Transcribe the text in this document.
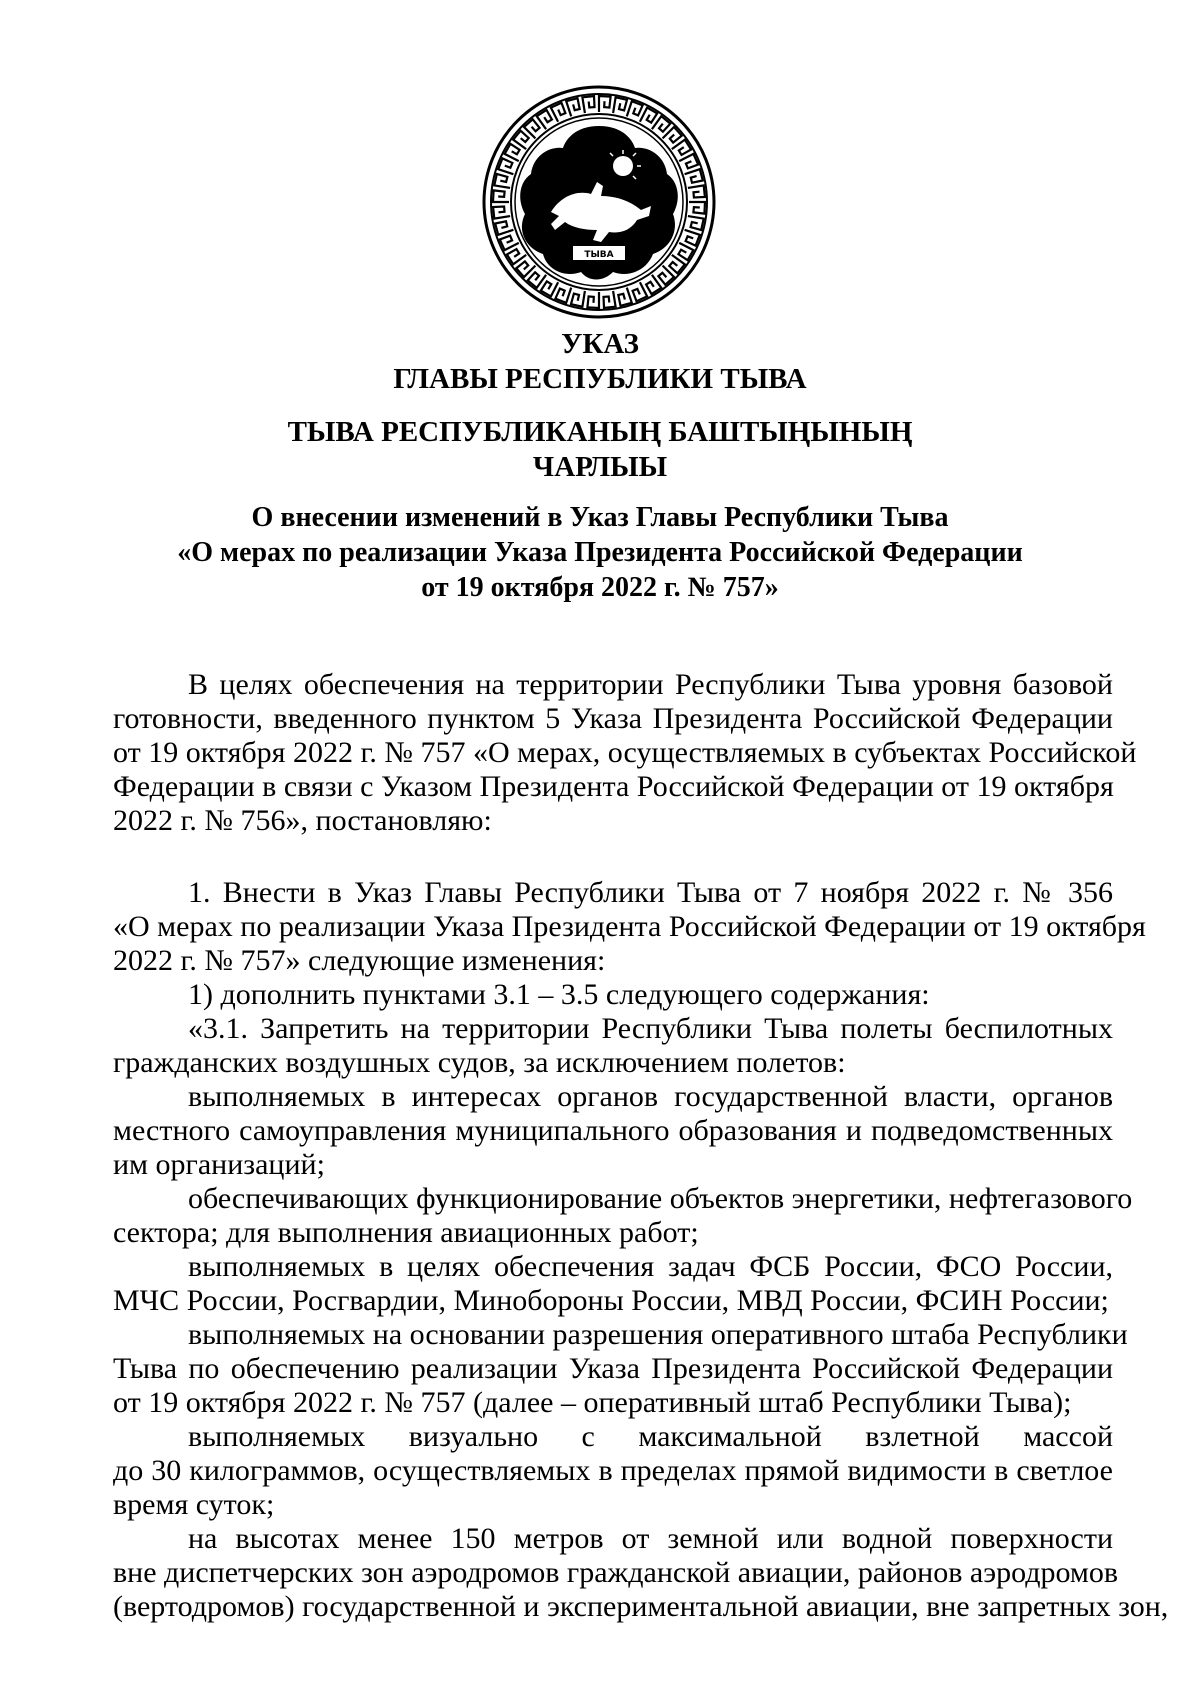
ТЫВА
УКАЗ
ГЛАВЫ РЕСПУБЛИКИ ТЫВА
ТЫВА РЕСПУБЛИКАНЫҢ БАШТЫҢЫНЫҢ
ЧАРЛЫЫ
О внесении изменений в Указ Главы Республики Тыва
«О мерах по реализации Указа Президента Российской Федерации
от 19 октября 2022 г. № 757»
В целях обеспечения на территории Республики Тыва уровня базовой
готовности, введенного пунктом 5 Указа Президента Российской Федерации
от 19 октября 2022 г. № 757 «О мерах, осуществляемых в субъектах Российской
Федерации в связи с Указом Президента Российской Федерации от 19 октября
2022 г. № 756», постановляю:
1. Внести в Указ Главы Республики Тыва от 7 ноября 2022 г. № 356
«О мерах по реализации Указа Президента Российской Федерации от 19 октября
2022 г. № 757» следующие изменения:
1) дополнить пунктами 3.1 – 3.5 следующего содержания:
«3.1. Запретить на территории Республики Тыва полеты беспилотных
гражданских воздушных судов, за исключением полетов:
выполняемых в интересах органов государственной власти, органов
местного самоуправления муниципального образования и подведомственных
им организаций;
обеспечивающих функционирование объектов энергетики, нефтегазового
сектора; для выполнения авиационных работ;
выполняемых в целях обеспечения задач ФСБ России, ФСО России,
МЧС России, Росгвардии, Минобороны России, МВД России, ФСИН России;
выполняемых на основании разрешения оперативного штаба Республики
Тыва по обеспечению реализации Указа Президента Российской Федерации
от 19 октября 2022 г. № 757 (далее – оперативный штаб Республики Тыва);
выполняемых визуально с максимальной взлетной массой
до 30 килограммов, осуществляемых в пределах прямой видимости в светлое
время суток;
на высотах менее 150 метров от земной или водной поверхности
вне диспетчерских зон аэродромов гражданской авиации, районов аэродромов
(вертодромов) государственной и экспериментальной авиации, вне запретных зон,
